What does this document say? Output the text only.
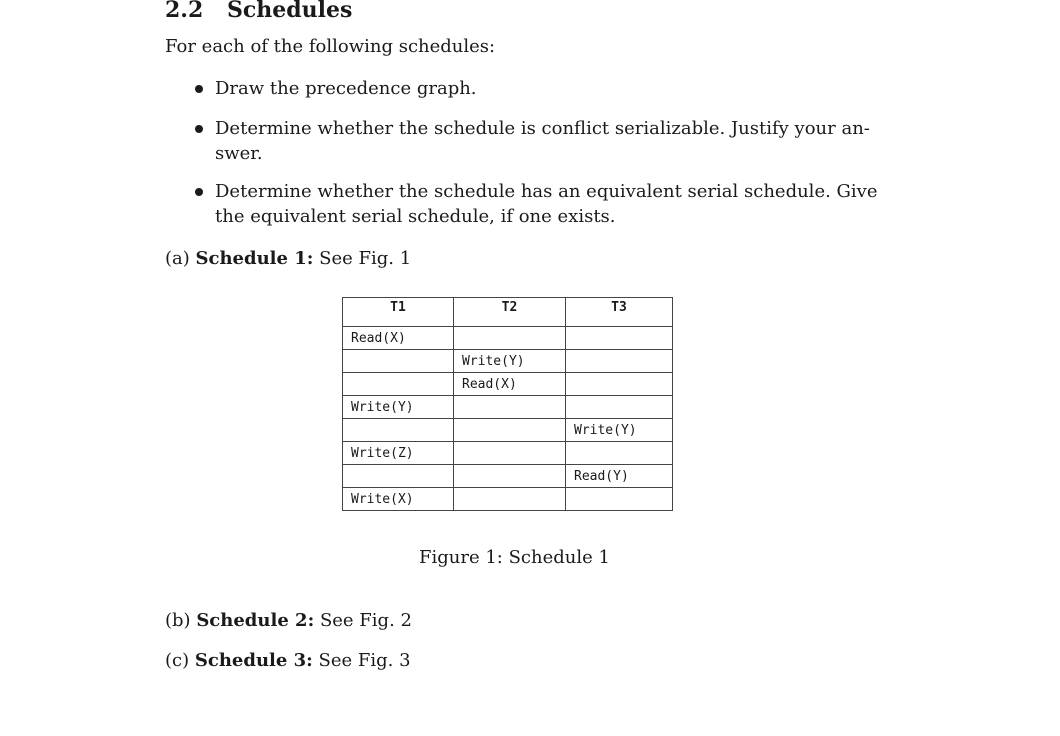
2.2 Schedules
For each of the following schedules:
Draw the precedence graph.
Determine whether the schedule is conflict serializable. Justify your an-
swer.
Determine whether the schedule has an equivalent serial schedule. Give
the equivalent serial schedule, if one exists.
(a) Schedule 1: See Fig. 1
T1	T2	T3
Read(X)		
	Write(Y)	
	Read(X)	
Write(Y)		
		Write(Y)
Write(Z)		
		Read(Y)
Write(X)		
Figure 1: Schedule 1
(b) Schedule 2: See Fig. 2
(c) Schedule 3: See Fig. 3
